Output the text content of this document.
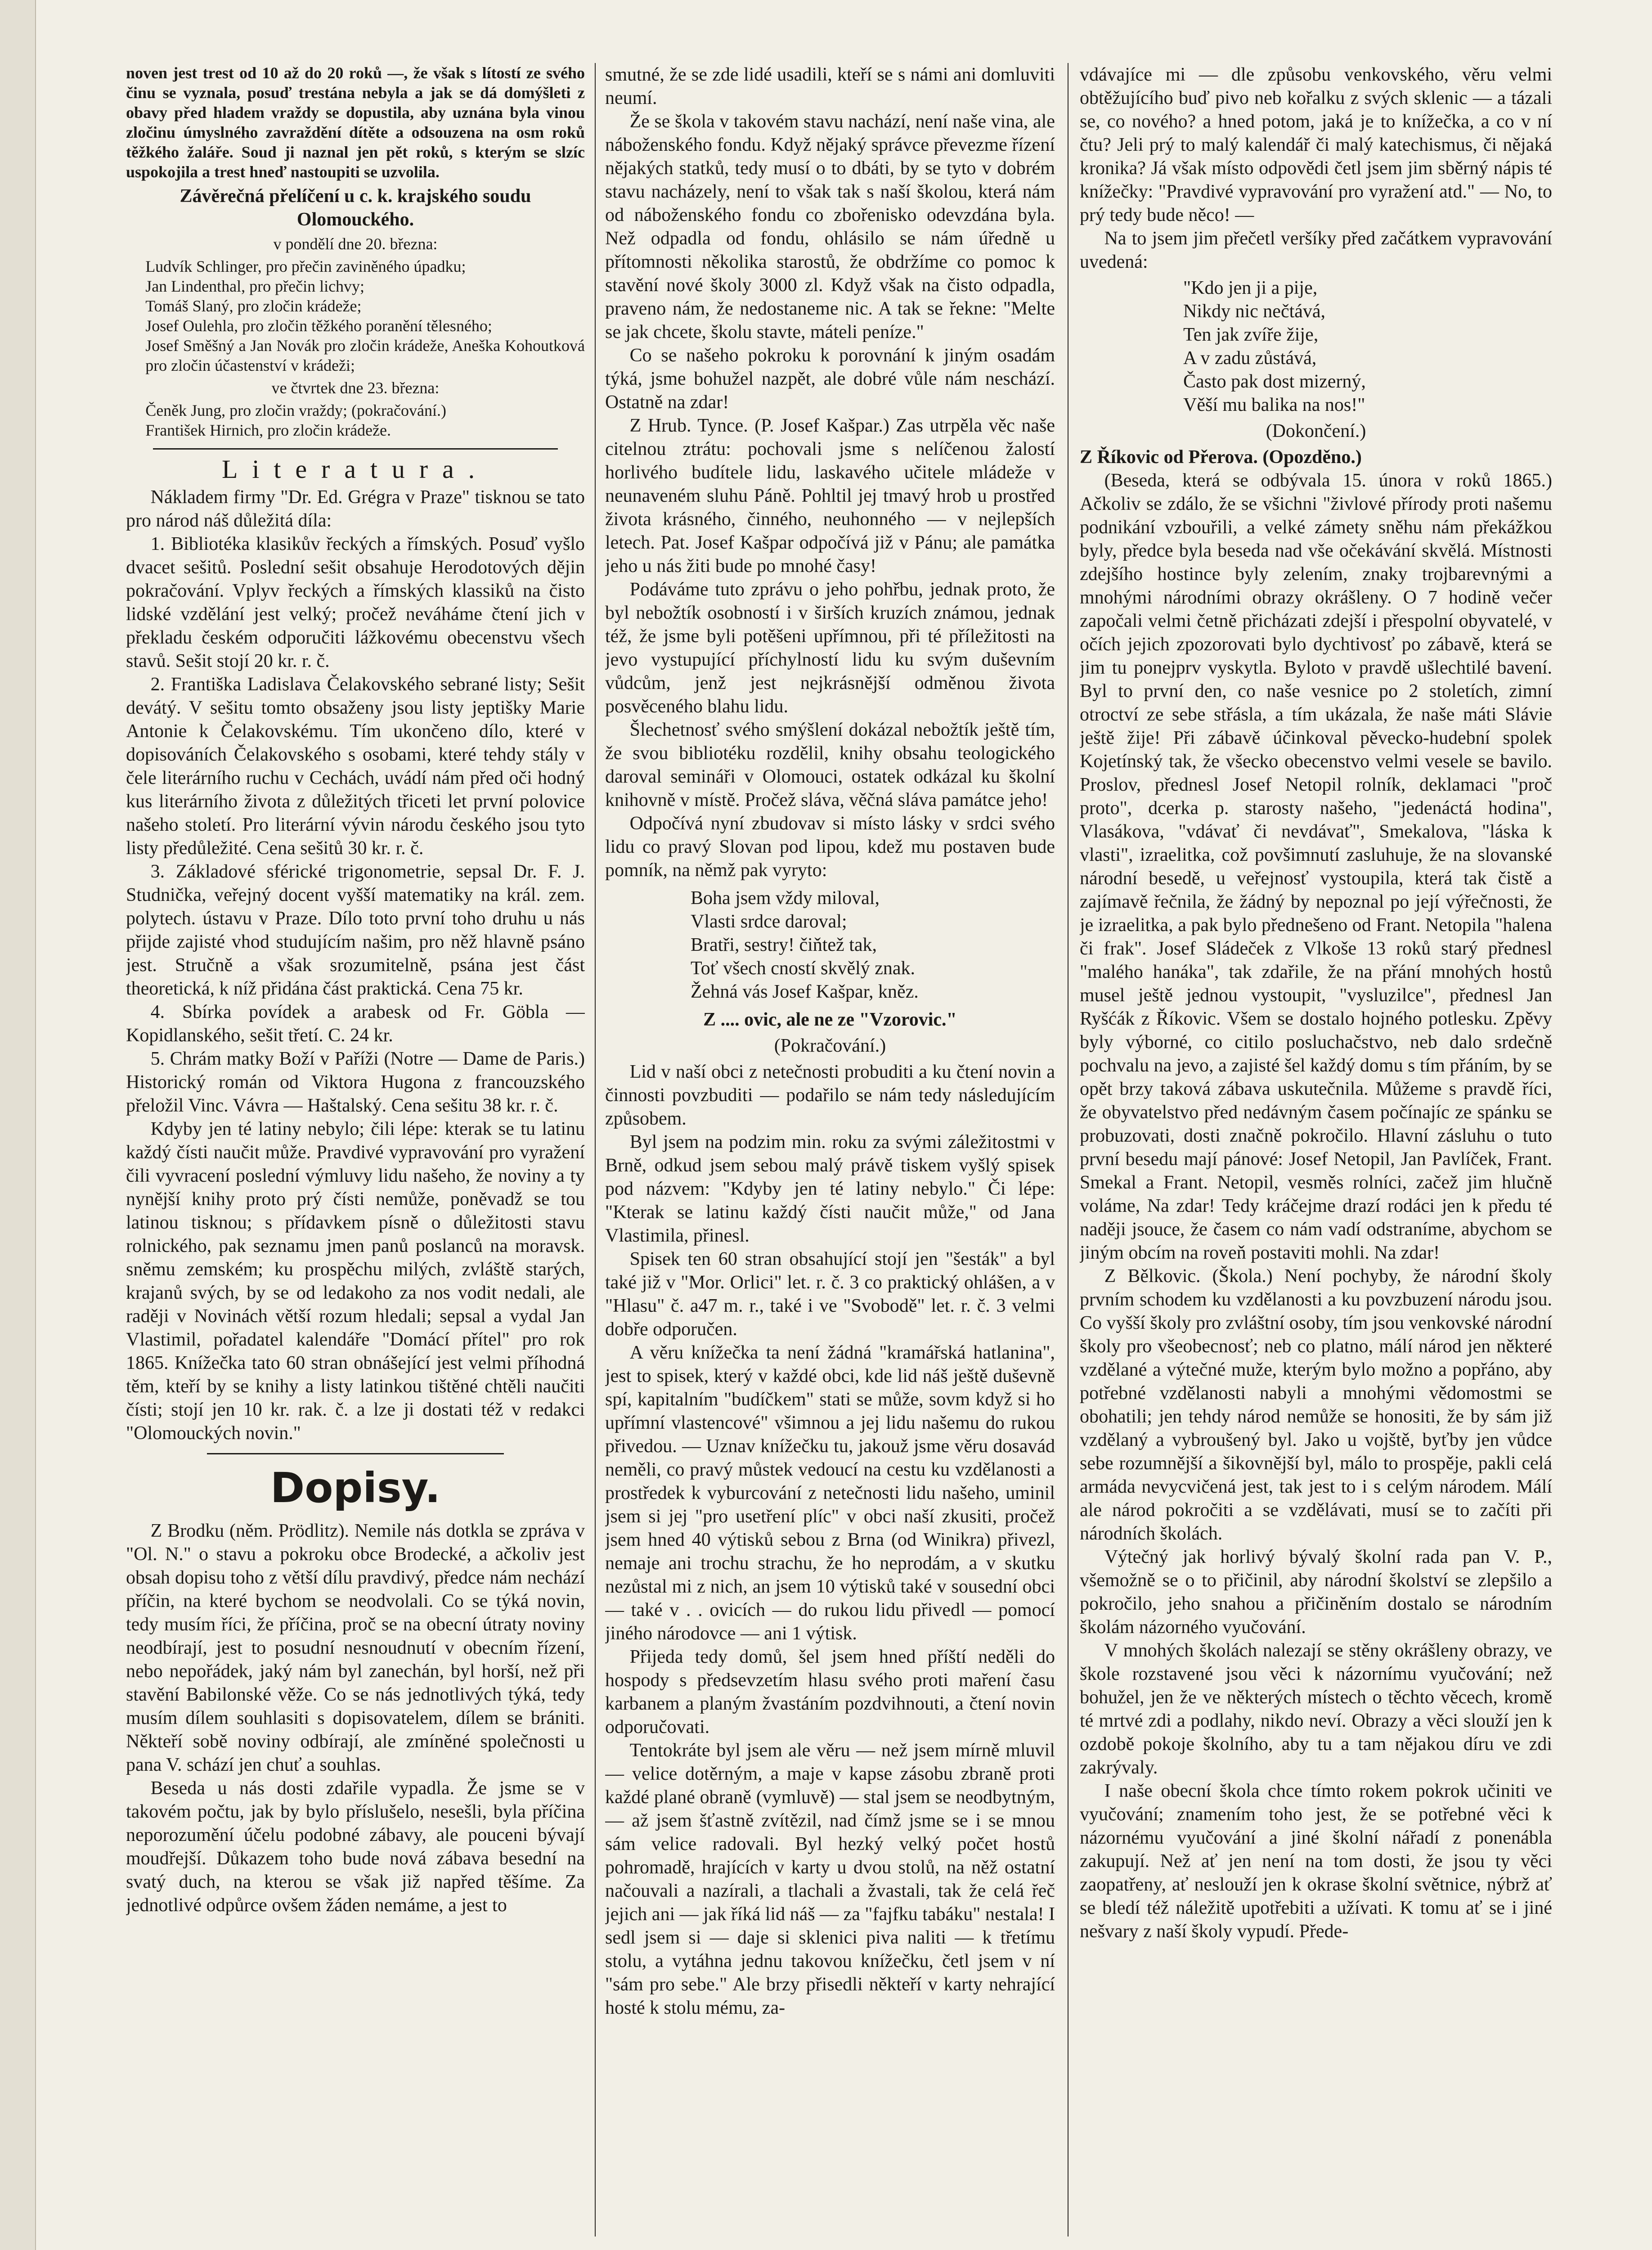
noven jest trest od 10 až do 20 roků —, že však s lítostí ze svého činu se vyznala, posuď trestána nebyla a jak se dá domýšleti z obavy před hladem vraždy se dopustila, aby uznána byla vinou zločinu úmyslného zavraždění dítěte a odsouzena na osm roků těžkého žaláře. Soud ji naznal jen pět roků, s kterým se slzíc uspokojila a trest hneď nastoupiti se uzvolila.

Závěrečná přelíčení u c. k. krajského soudu Olomouckého.

v pondělí dne 20. března:

Ludvík Schlinger, pro přečin zaviněného úpadku;

Jan Lindenthal, pro přečin lichvy;

Tomáš Slaný, pro zločin krádeže;

Josef Oulehla, pro zločin těžkého poranění tělesného;

Josef Směšný a Jan Novák pro zločin krádeže, Aneška Kohoutková pro zločin účastenství v krádeži;

ve čtvrtek dne 23. března:

Čeněk Jung, pro zločin vraždy; (pokračování.)

František Hirnich, pro zločin krádeže.

Literatura.

Nákladem firmy "Dr. Ed. Grégra v Praze" tisknou se tato pro národ náš důležitá díla:

1. Bibliotéka klasikův řeckých a římských. Posuď vyšlo dvacet sešitů. Poslední sešit obsahuje Herodotových dějin pokračování. Vplyv řeckých a římských klassiků na čisto lidské vzdělání jest velký; pročež neváháme čtení jich v překladu českém odporučiti lážkovému obecenstvu všech stavů. Sešit stojí 20 kr. r. č.

2. Františka Ladislava Čelakovského sebrané listy; Sešit devátý. V sešitu tomto obsaženy jsou listy jeptišky Marie Antonie k Čelakovskému. Tím ukončeno dílo, které v dopisováních Čelakovského s osobami, které tehdy stály v čele literárního ruchu v Cechách, uvádí nám před oči hodný kus literárního života z důležitých třiceti let první polovice našeho století. Pro literární vývin národu českého jsou tyto listy předůležité. Cena sešitů 30 kr. r. č.

3. Základové sférické trigonometrie, sepsal Dr. F. J. Studnička, veřejný docent vyšší matematiky na král. zem. polytech. ústavu v Praze. Dílo toto první toho druhu u nás přijde zajisté vhod studujícím našim, pro něž hlavně psáno jest. Stručně a však srozumitelně, psána jest část theoretická, k níž přidána část praktická. Cena 75 kr.

4. Sbírka povídek a arabesk od Fr. Göbla — Kopidlanského, sešit třetí. C. 24 kr.

5. Chrám matky Boží v Paříži (Notre — Dame de Paris.) Historický román od Viktora Hugona z francouzského přeložil Vinc. Vávra — Haštalský. Cena sešitu 38 kr. r. č.

Kdyby jen té latiny nebylo; čili lépe: kterak se tu latinu každý čísti naučit může. Pravdivé vypravování pro vyražení čili vyvracení poslední výmluvy lidu našeho, že noviny a ty nynější knihy proto prý čísti nemůže, poněvadž se tou latinou tisknou; s přídavkem písně o důležitosti stavu rolnického, pak seznamu jmen panů poslanců na moravsk. sněmu zemském; ku prospěchu milých, zvláště starých, krajanů svých, by se od ledakoho za nos vodit nedali, ale raději v Novinách větší rozum hledali; sepsal a vydal Jan Vlastimil, pořadatel kalendáře "Domácí přítel" pro rok 1865. Knížečka tato 60 stran obnášející jest velmi příhodná těm, kteří by se knihy a listy latinkou tištěné chtěli naučiti čísti; stojí jen 10 kr. rak. č. a lze ji dostati též v redakci "Olomouckých novin."

Dopisy.

Z Brodku (něm. Prödlitz). Nemile nás dotkla se zpráva v "Ol. N." o stavu a pokroku obce Brodecké, a ačkoliv jest obsah dopisu toho z větší dílu pravdivý, předce nám nechází příčin, na které bychom se neodvolali. Co se týká novin, tedy musím říci, že příčina, proč se na obecní útraty noviny neodbírají, jest to posudní nesnoudnutí v obecním řízení, nebo nepořádek, jaký nám byl zanechán, byl horší, než při stavění Babilonské věže. Co se nás jednotlivých týká, tedy musím dílem souhlasiti s dopisovatelem, dílem se brániti. Někteří sobě noviny odbírají, ale zmíněné společnosti u pana V. schází jen chuť a souhlas.

Beseda u nás dosti zdařile vypadla. Že jsme se v takovém počtu, jak by bylo příslušelo, nesešli, byla příčina neporozumění účelu podobné zábavy, ale pouceni bývají moudřejší. Důkazem toho bude nová zábava besední na svatý duch, na kterou se však již napřed těšíme. Za jednotlivé odpůrce ovšem žáden nemáme, a jest to

smutné, že se zde lidé usadili, kteří se s námi ani domluviti neumí.

Že se škola v takovém stavu nachází, není naše vina, ale náboženského fondu. Když nějaký správce převezme řízení nějakých statků, tedy musí o to dbáti, by se tyto v dobrém stavu nacházely, není to však tak s naší školou, která nám od náboženského fondu co zbořenisko odevzdána byla. Než odpadla od fondu, ohlásilo se nám úředně u přítomnosti několika starostů, že obdržíme co pomoc k stavění nové školy 3000 zl. Když však na čisto odpadla, praveno nám, že nedostaneme nic. A tak se řekne: "Melte se jak chcete, školu stavte, máteli peníze."

Co se našeho pokroku k porovnání k jiným osadám týká, jsme bohužel nazpět, ale dobré vůle nám neschází. Ostatně na zdar!

Z Hrub. Tynce. (P. Josef Kašpar.) Zas utrpěla věc naše citelnou ztrátu: pochovali jsme s nelíčenou žalostí horlivého budítele lidu, laskavého učitele mládeže v neunaveném sluhu Páně. Pohltil jej tmavý hrob u prostřed života krásného, činného, neuhonného — v nejlepších letech. Pat. Josef Kašpar odpočívá již v Pánu; ale památka jeho u nás žiti bude po mnohé časy!

Podáváme tuto zprávu o jeho pohřbu, jednak proto, že byl nebožtík osobností i v širších kruzích známou, jednak též, že jsme byli potěšeni upřímnou, při té příležitosti na jevo vystupující příchylností lidu ku svým duševním vůdcům, jenž jest nejkrásnější odměnou života posvěceného blahu lidu.

Šlechetnosť svého smýšlení dokázal nebožtík ještě tím, že svou bibliotéku rozdělil, knihy obsahu teologického daroval semináři v Olomouci, ostatek odkázal ku školní knihovně v místě. Pročež sláva, věčná sláva památce jeho!

Odpočívá nyní zbudovav si místo lásky v srdci svého lidu co pravý Slovan pod lipou, kdež mu postaven bude pomník, na němž pak vyryto:

Boha jsem vždy miloval,

Vlasti srdce daroval;

Bratři, sestry! čiňtež tak,

Toť všech cností skvělý znak.

Žehná vás Josef Kašpar, kněz.

Z .... ovic, ale ne ze "Vzorovic."

(Pokračování.)

Lid v naší obci z netečnosti probuditi a ku čtení novin a činnosti povzbuditi — podařilo se nám tedy následujícím způsobem.

Byl jsem na podzim min. roku za svými záležitostmi v Brně, odkud jsem sebou malý právě tiskem vyšlý spisek pod názvem: "Kdyby jen té latiny nebylo." Či lépe: "Kterak se latinu každý čísti naučit může," od Jana Vlastimila, přinesl.

Spisek ten 60 stran obsahující stojí jen "šesták" a byl také již v "Mor. Orlici" let. r. č. 3 co praktický ohlášen, a v "Hlasu" č. a47 m. r., také i ve "Svobodě" let. r. č. 3 velmi dobře odporučen.

A věru knížečka ta není žádná "kramářská hatlanina", jest to spisek, který v každé obci, kde lid náš ještě duševně spí, kapitalním "budíčkem" stati se může, sovm když si ho upřímní vlastencové" všimnou a jej lidu našemu do rukou přivedou. — Uznav knížečku tu, jakouž jsme věru dosavád neměli, co pravý můstek vedoucí na cestu ku vzdělanosti a prostředek k vyburcování z netečnosti lidu našeho, uminil jsem si jej "pro usetření plíc" v obci naší zkusiti, pročež jsem hned 40 výtisků sebou z Brna (od Winikra) přivezl, nemaje ani trochu strachu, že ho neprodám, a v skutku nezůstal mi z nich, an jsem 10 výtisků také v sousední obci — také v . . ovicích — do rukou lidu přivedl — pomocí jiného národovce — ani 1 výtisk.

Přijeda tedy domů, šel jsem hned příští neděli do hospody s předsevzetím hlasu svého proti maření času karbanem a planým žvastáním pozdvihnouti, a čtení novin odporučovati.

Tentokráte byl jsem ale věru — než jsem mírně mluvil — velice dotěrným, a maje v kapse zásobu zbraně proti každé plané obraně (vymluvě) — stal jsem se neodbytným, — až jsem šťastně zvítězil, nad čímž jsme se i se mnou sám velice radovali. Byl hezký velký počet hostů pohromadě, hrajících v karty u dvou stolů, na něž ostatní načouvali a nazírali, a tlachali a žvastali, tak že celá řeč jejich ani — jak říká lid náš — za "fajfku tabáku" nestala! I sedl jsem si — daje si sklenici piva naliti — k třetímu stolu, a vytáhna jednu takovou knížečku, četl jsem v ní "sám pro sebe." Ale brzy přisedli někteří v karty nehrající hosté k stolu mému, za-

vdávajíce mi — dle způsobu venkovského, věru velmi obtěžujícího buď pivo neb kořalku z svých sklenic — a tázali se, co nového? a hned potom, jaká je to knížečka, a co v ní čtu? Jeli prý to malý kalendář či malý katechismus, či nějaká kronika? Já však místo odpovědi četl jsem jim sběrný nápis té knížečky: "Pravdivé vypravování pro vyražení atd." — No, to prý tedy bude něco! —

Na to jsem jim přečetl veršíky před začátkem vypravování uvedená:

"Kdo jen ji a pije,

Nikdy nic nečtává,

Ten jak zvíře žije,

A v zadu zůstává,

Často pak dost mizerný,

Věší mu balika na nos!"

(Dokončení.)

Z Říkovic od Přerova. (Opozděno.)

(Beseda, která se odbývala 15. února v roků 1865.) Ačkoliv se zdálo, že se všichni "živlové přírody proti našemu podnikání vzbouřili, a velké zámety sněhu nám překážkou byly, předce byla beseda nad vše očekávání skvělá. Místnosti zdejšího hostince byly zelením, znaky trojbarevnými a mnohými národními obrazy okrášleny. O 7 hodině večer započali velmi četně přicházati zdejší i přespolní obyvatelé, v očích jejich zpozorovati bylo dychtivosť po zábavě, která se jim tu ponejprv vyskytla. Byloto v pravdě ušlechtilé bavení. Byl to první den, co naše vesnice po 2 stoletích, zimní otroctví ze sebe střásla, a tím ukázala, že naše máti Slávie ještě žije! Při zábavě účinkoval pěvecko-hudební spolek Kojetínský tak, že všecko obecenstvo velmi vesele se bavilo. Proslov, přednesl Josef Netopil rolník, deklamaci "proč proto", dcerka p. starosty našeho, "jedenáctá hodina", Vlasákova, "vdávať či nevdávať", Smekalova, "láska k vlasti", izraelitka, což povšimnutí zasluhuje, že na slovanské národní besedě, u veřejnosť vystoupila, která tak čistě a zajímavě řečnila, že žádný by nepoznal po její výřečnosti, že je izraelitka, a pak bylo přednešeno od Frant. Netopila "halena či frak". Josef Sládeček z Vlkoše 13 roků starý přednesl "malého hanáka", tak zdařile, že na přání mnohých hostů musel ještě jednou vystoupit, "vysluzilce", přednesl Jan Ryšćák z Říkovic. Všem se dostalo hojného potlesku. Zpěvy byly výborné, co citilo posluchačstvo, neb dalo srdečně pochvalu na jevo, a zajisté šel každý domu s tím přáním, by se opět brzy taková zábava uskutečnila. Můžeme s pravdě říci, že obyvatelstvo před nedávným časem počínajíc ze spánku se probuzovati, dosti značně pokročilo. Hlavní zásluhu o tuto první besedu mají pánové: Josef Netopil, Jan Pavlíček, Frant. Smekal a Frant. Netopil, vesměs rolníci, začež jim hlučně voláme, Na zdar! Tedy kráčejme drazí rodáci jen k předu té naději jsouce, že časem co nám vadí odstraníme, abychom se jiným obcím na roveň postaviti mohli. Na zdar!

Z Bělkovic. (Škola.) Není pochyby, že národní školy prvním schodem ku vzdělanosti a ku povzbuzení národu jsou. Co vyšší školy pro zvláštní osoby, tím jsou venkovské národní školy pro všeobecnosť; neb co platno, málí národ jen některé vzdělané a výtečné muže, kterým bylo možno a popřáno, aby potřebné vzdělanosti nabyli a mnohými vědomostmi se obohatili; jen tehdy národ nemůže se honositi, že by sám již vzdělaný a vybroušený byl. Jako u vojště, byťby jen vůdce sebe rozumnější a šikovnější byl, málo to prospěje, pakli celá armáda nevycvičená jest, tak jest to i s celým národem. Málí ale národ pokročiti a se vzdělávati, musí se to začíti při národních školách.

Výtečný jak horlivý bývalý školní rada pan V. P., všemožně se o to přičinil, aby národní školství se zlepšilo a pokročilo, jeho snahou a přičiněním dostalo se národním školám názorného vyučování.

V mnohých školách nalezají se stěny okrášleny obrazy, ve škole rozstavené jsou věci k názornímu vyučování; než bohužel, jen že ve některých místech o těchto věcech, kromě té mrtvé zdi a podlahy, nikdo neví. Obrazy a věci slouží jen k ozdobě pokoje školního, aby tu a tam nějakou díru ve zdi zakrývaly.

I naše obecní škola chce tímto rokem pokrok učiniti ve vyučování; znamením toho jest, že se potřebné věci k názornému vyučování a jiné školní nářadí z ponenábla zakupují. Než ať jen není na tom dosti, že jsou ty věci zaopatřeny, ať neslouží jen k okrase školní světnice, nýbrž ať se bledí též náležitě upotřebiti a užívati. K tomu ať se i jiné nešvary z naší školy vypudí. Přede-
